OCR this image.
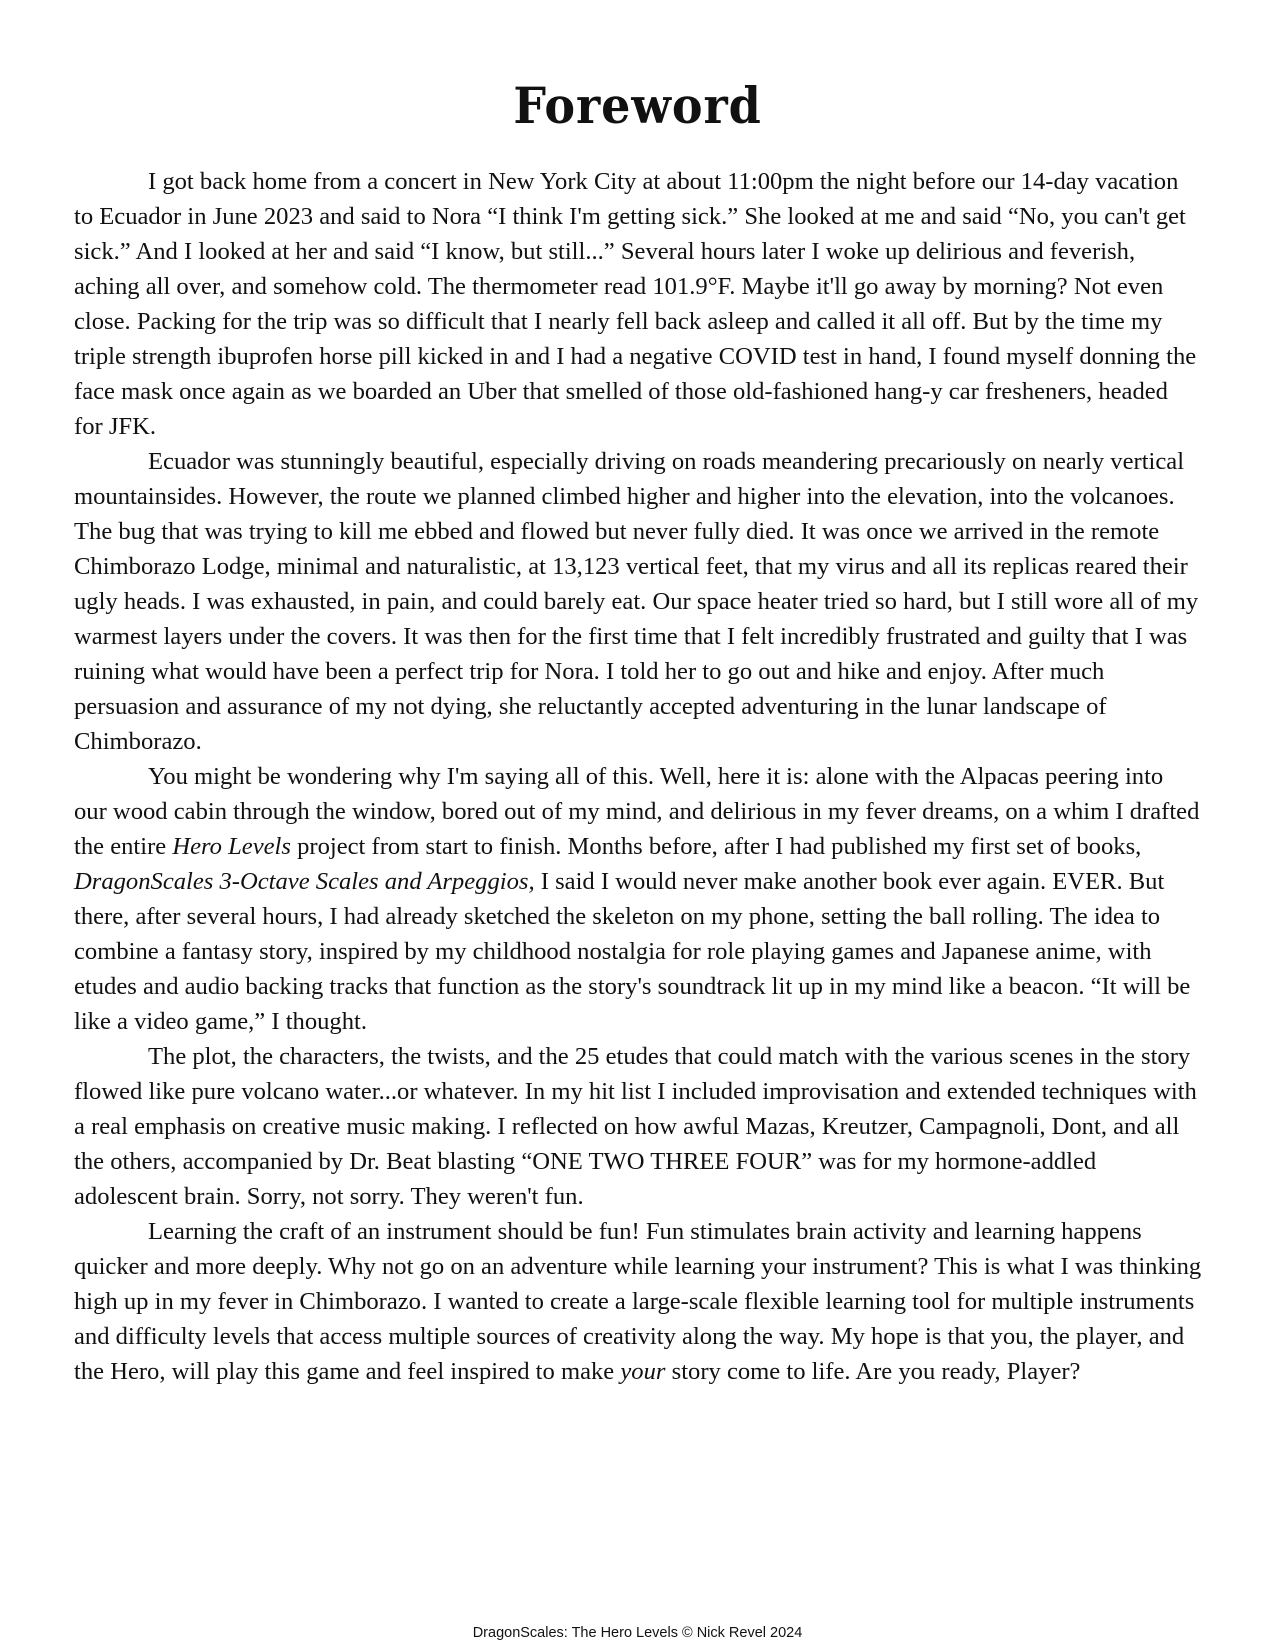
Foreword

I got back home from a concert in New York City at about 11:00pm the night before our 14-day vacation to Ecuador in June 2023 and said to Nora “I think I'm getting sick.” She looked at me and said “No, you can't get sick.” And I looked at her and said “I know, but still...” Several hours later I woke up delirious and feverish, aching all over, and somehow cold. The thermometer read 101.9°F. Maybe it'll go away by morning? Not even close. Packing for the trip was so difficult that I nearly fell back asleep and called it all off. But by the time my triple strength ibuprofen horse pill kicked in and I had a negative COVID test in hand, I found myself donning the face mask once again as we boarded an Uber that smelled of those old-fashioned hang-y car fresheners, headed for JFK.

Ecuador was stunningly beautiful, especially driving on roads meandering precariously on nearly vertical mountainsides. However, the route we planned climbed higher and higher into the elevation, into the volcanoes. The bug that was trying to kill me ebbed and flowed but never fully died. It was once we arrived in the remote Chimborazo Lodge, minimal and naturalistic, at 13,123 vertical feet, that my virus and all its replicas reared their ugly heads. I was exhausted, in pain, and could barely eat. Our space heater tried so hard, but I still wore all of my warmest layers under the covers. It was then for the first time that I felt incredibly frustrated and guilty that I was ruining what would have been a perfect trip for Nora. I told her to go out and hike and enjoy. After much persuasion and assurance of my not dying, she reluctantly accepted adventuring in the lunar landscape of Chimborazo.

You might be wondering why I'm saying all of this. Well, here it is: alone with the Alpacas peering into our wood cabin through the window, bored out of my mind, and delirious in my fever dreams, on a whim I drafted the entire Hero Levels project from start to finish. Months before, after I had published my first set of books, DragonScales 3-Octave Scales and Arpeggios, I said I would never make another book ever again. EVER. But there, after several hours, I had already sketched the skeleton on my phone, setting the ball rolling. The idea to combine a fantasy story, inspired by my childhood nostalgia for role playing games and Japanese anime, with etudes and audio backing tracks that function as the story's soundtrack lit up in my mind like a beacon. “It will be like a video game,” I thought.

The plot, the characters, the twists, and the 25 etudes that could match with the various scenes in the story flowed like pure volcano water...or whatever. In my hit list I included improvisation and extended techniques with a real emphasis on creative music making. I reflected on how awful Mazas, Kreutzer, Campagnoli, Dont, and all the others, accompanied by Dr. Beat blasting “ONE TWO THREE FOUR” was for my hormone-addled adolescent brain. Sorry, not sorry. They weren't fun.

Learning the craft of an instrument should be fun! Fun stimulates brain activity and learning happens quicker and more deeply. Why not go on an adventure while learning your instrument? This is what I was thinking high up in my fever in Chimborazo. I wanted to create a large-scale flexible learning tool for multiple instruments and difficulty levels that access multiple sources of creativity along the way. My hope is that you, the player, and the Hero, will play this game and feel inspired to make your story come to life. Are you ready, Player?

DragonScales: The Hero Levels © Nick Revel 2024
